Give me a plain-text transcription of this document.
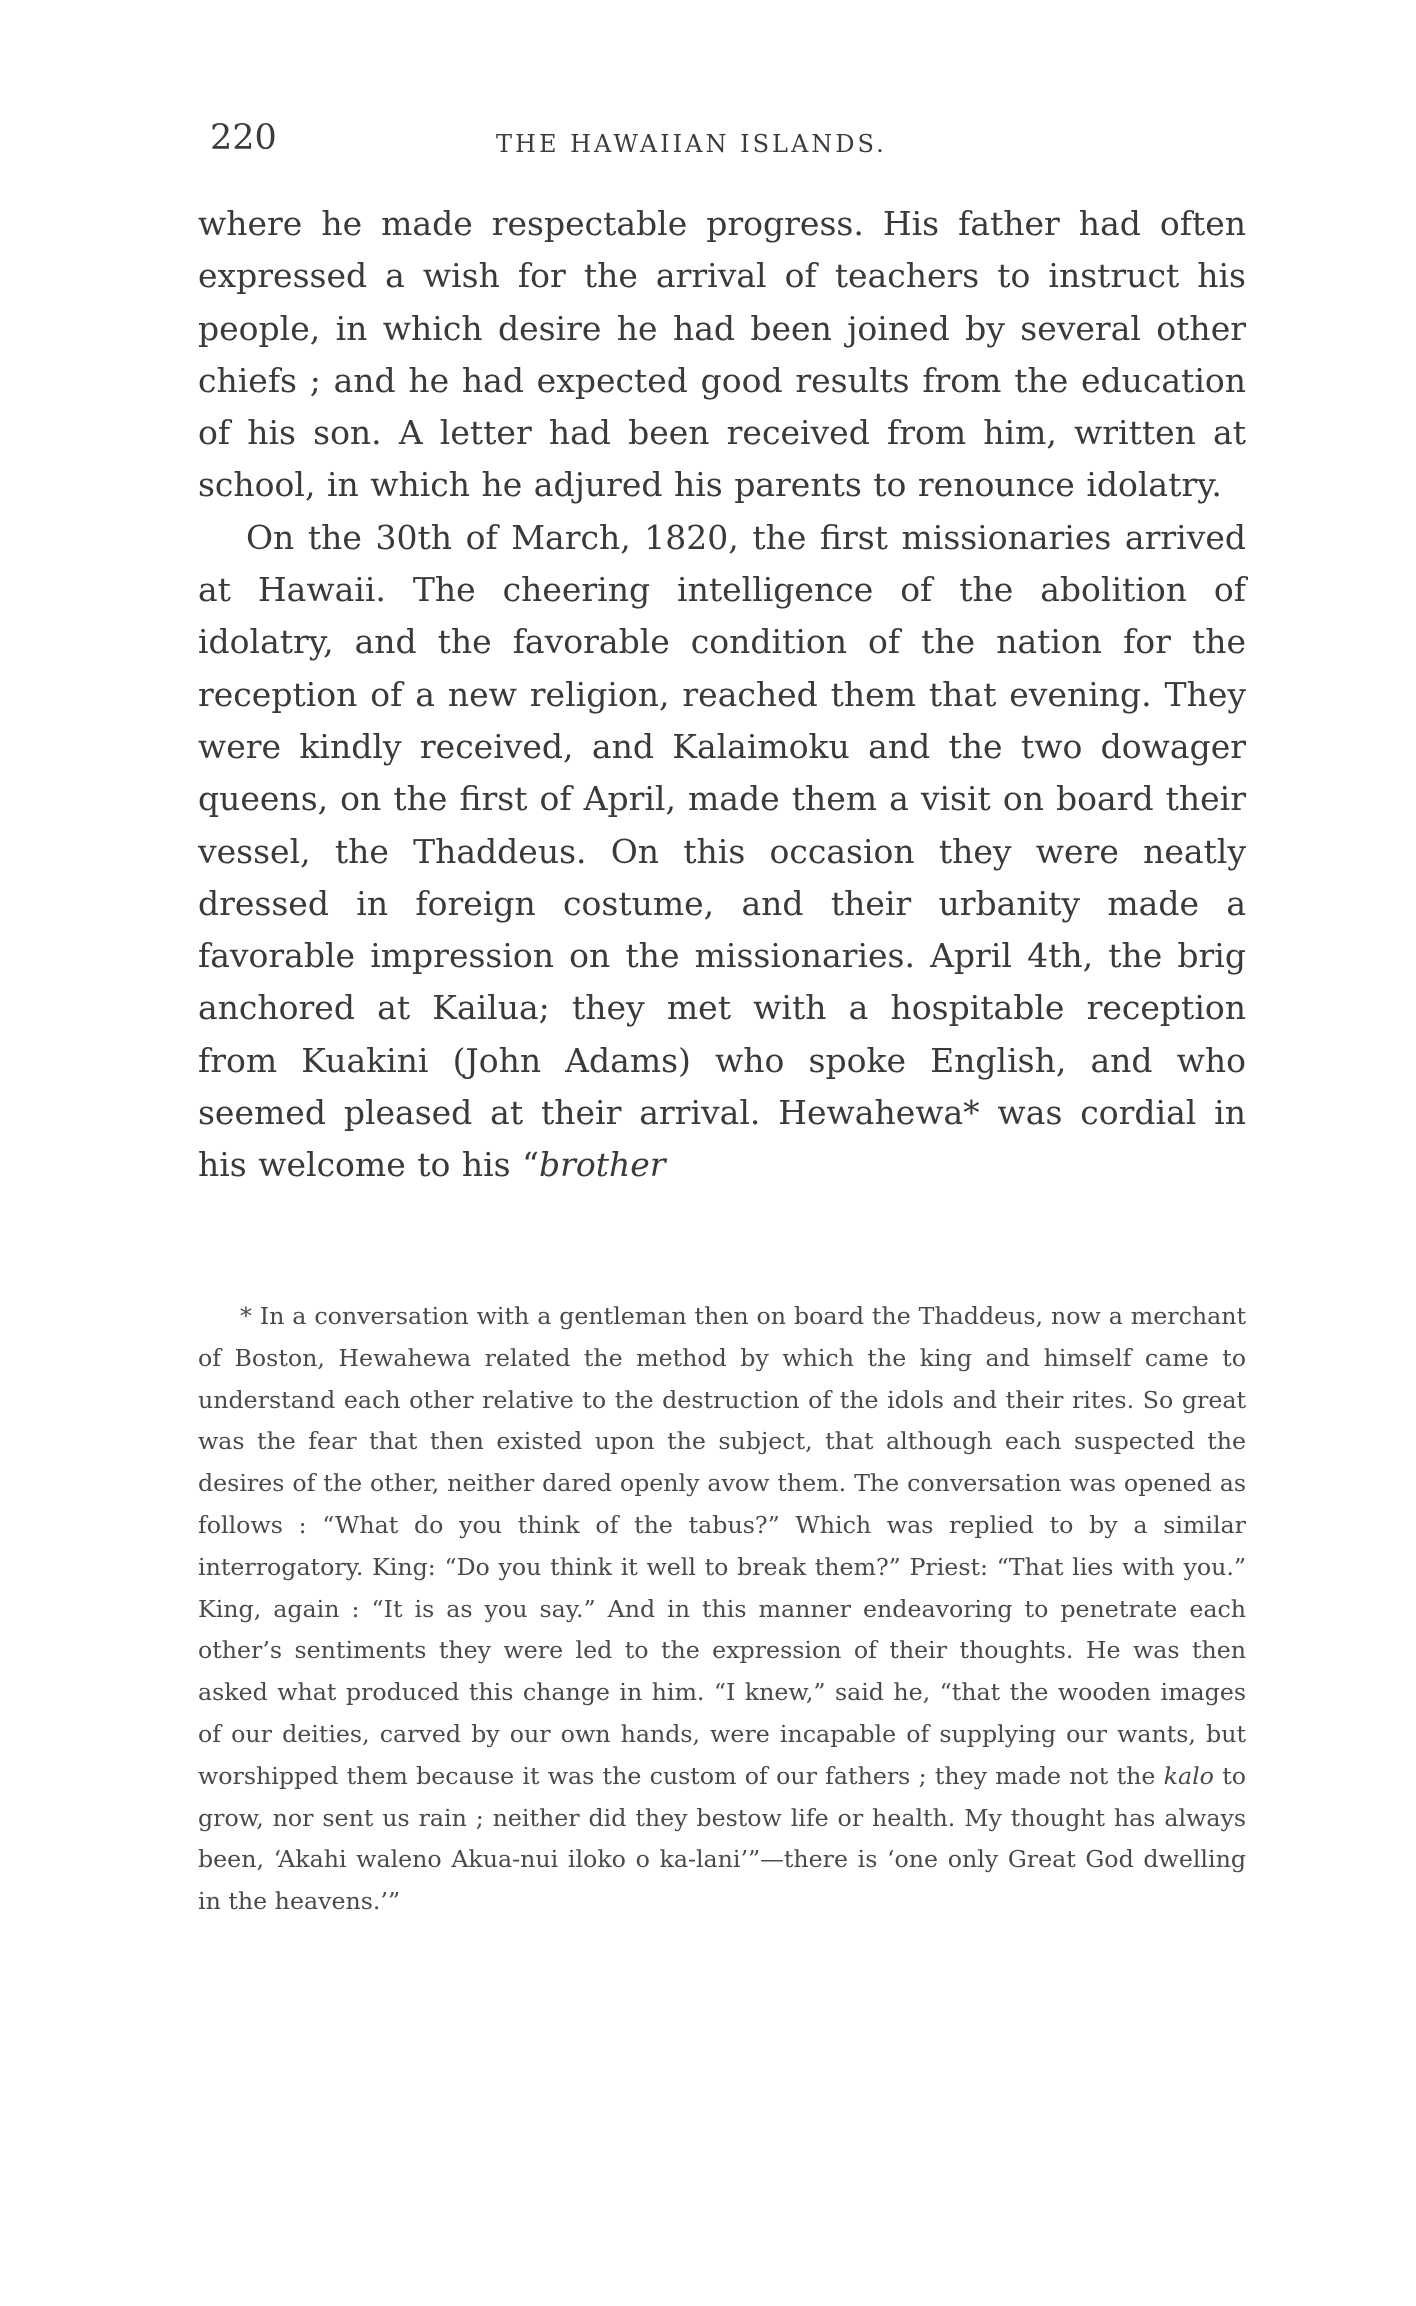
220	THE HAWAIIAN ISLANDS.

where he made respectable progress. His father had often expressed a wish for the arrival of teachers to instruct his people, in which desire he had been joined by several other chiefs ; and he had expected good results from the education of his son. A letter had been received from him, written at school, in which he adjured his parents to renounce idolatry.

On the 30th of March, 1820, the first missionaries arrived at Hawaii. The cheering intelligence of the abolition of idolatry, and the favorable condition of the nation for the reception of a new religion, reached them that evening. They were kindly received, and Kalaimoku and the two dowager queens, on the first of April, made them a visit on board their vessel, the Thaddeus. On this occasion they were neatly dressed in foreign costume, and their urbanity made a favorable impression on the missionaries. April 4th, the brig anchored at Kailua; they met with a hospitable reception from Kuakini (John Adams) who spoke English, and who seemed pleased at their arrival. Hewahewa* was cordial in his welcome to his “brother

* In a conversation with a gentleman then on board the Thaddeus, now a merchant of Boston, Hewahewa related the method by which the king and himself came to understand each other relative to the destruction of the idols and their rites. So great was the fear that then existed upon the subject, that although each suspected the desires of the other, neither dared openly avow them. The conversation was opened as follows : “What do you think of the tabus?” Which was replied to by a similar interrogatory. King: “Do you think it well to break them?” Priest: “That lies with you.” King, again : “It is as you say.” And in this manner endeavoring to penetrate each other’s sentiments they were led to the expression of their thoughts. He was then asked what produced this change in him. “I knew,” said he, “that the wooden images of our deities, carved by our own hands, were incapable of supplying our wants, but worshipped them because it was the custom of our fathers ; they made not the kalo to grow, nor sent us rain ; neither did they bestow life or health. My thought has always been, ‘Akahi waleno Akua-nui iloko o ka-lani’”—there is ‘one only Great God dwelling in the heavens.’”
